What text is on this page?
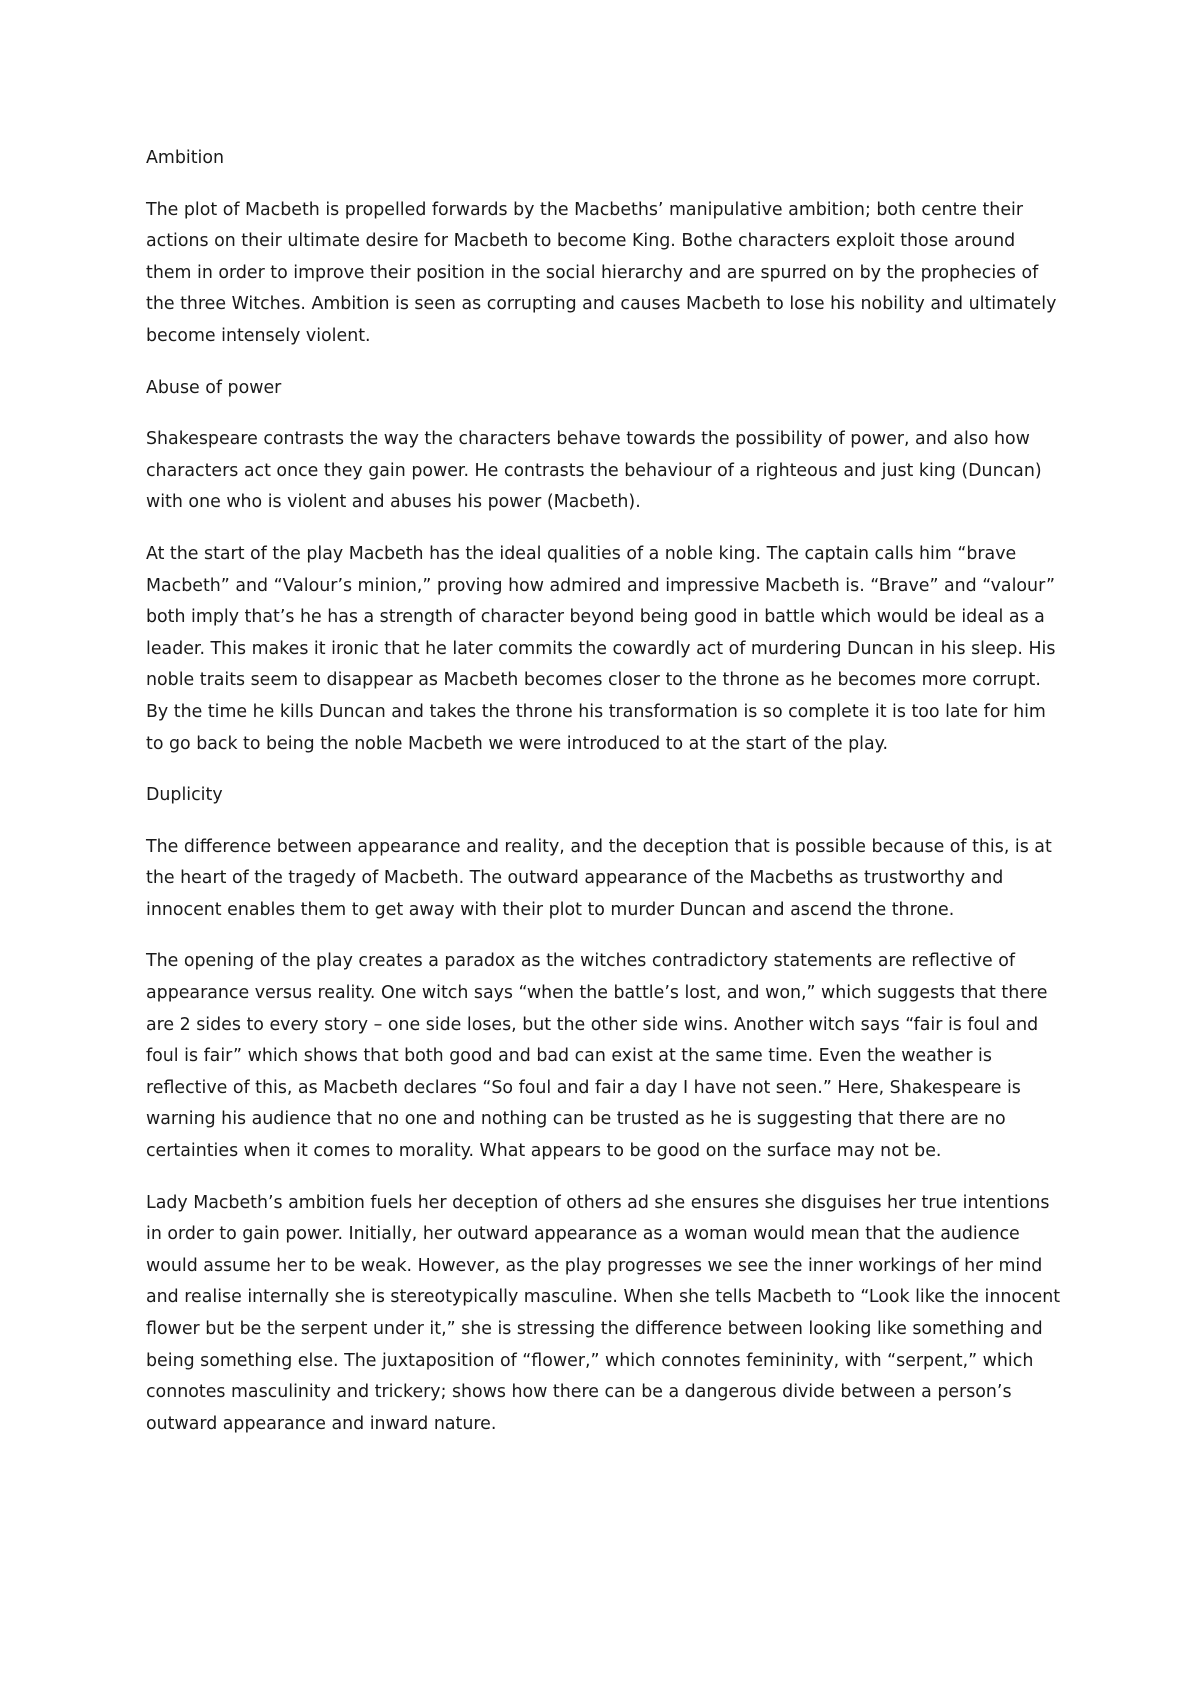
Ambition

The plot of Macbeth is propelled forwards by the Macbeths’ manipulative ambition; both centre their actions on their ultimate desire for Macbeth to become King. Bothe characters exploit those around them in order to improve their position in the social hierarchy and are spurred on by the prophecies of the three Witches. Ambition is seen as corrupting and causes Macbeth to lose his nobility and ultimately become intensely violent.

Abuse of power

Shakespeare contrasts the way the characters behave towards the possibility of power, and also how characters act once they gain power. He contrasts the behaviour of a righteous and just king (Duncan) with one who is violent and abuses his power (Macbeth).

At the start of the play Macbeth has the ideal qualities of a noble king. The captain calls him “brave Macbeth” and “Valour’s minion,” proving how admired and impressive Macbeth is. “Brave” and “valour” both imply that’s he has a strength of character beyond being good in battle which would be ideal as a leader. This makes it ironic that he later commits the cowardly act of murdering Duncan in his sleep. His noble traits seem to disappear as Macbeth becomes closer to the throne as he becomes more corrupt. By the time he kills Duncan and takes the throne his transformation is so complete it is too late for him to go back to being the noble Macbeth we were introduced to at the start of the play.

Duplicity

The difference between appearance and reality, and the deception that is possible because of this, is at the heart of the tragedy of Macbeth. The outward appearance of the Macbeths as trustworthy and innocent enables them to get away with their plot to murder Duncan and ascend the throne.

The opening of the play creates a paradox as the witches contradictory statements are reflective of appearance versus reality. One witch says “when the battle’s lost, and won,” which suggests that there are 2 sides to every story – one side loses, but the other side wins. Another witch says “fair is foul and foul is fair” which shows that both good and bad can exist at the same time. Even the weather is reflective of this, as Macbeth declares “So foul and fair a day I have not seen.” Here, Shakespeare is warning his audience that no one and nothing can be trusted as he is suggesting that there are no certainties when it comes to morality. What appears to be good on the surface may not be.

Lady Macbeth’s ambition fuels her deception of others ad she ensures she disguises her true intentions in order to gain power. Initially, her outward appearance as a woman would mean that the audience would assume her to be weak. However, as the play progresses we see the inner workings of her mind and realise internally she is stereotypically masculine. When she tells Macbeth to “Look like the innocent flower but be the serpent under it,” she is stressing the difference between looking like something and being something else. The juxtaposition of “flower,” which connotes femininity, with “serpent,” which connotes masculinity and trickery; shows how there can be a dangerous divide between a person’s outward appearance and inward nature.
